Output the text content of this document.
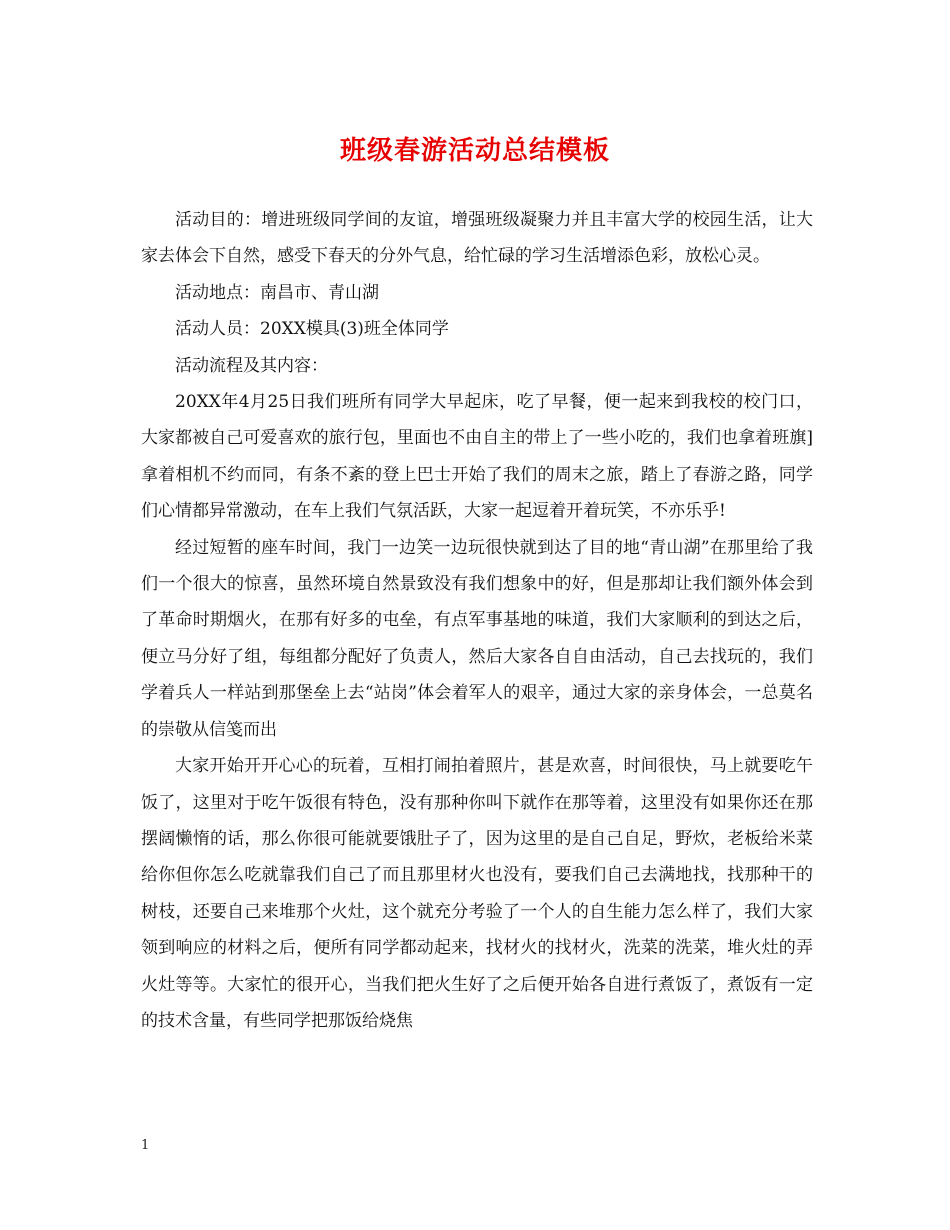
班级春游活动总结模板

活动目的：增进班级同学间的友谊，增强班级凝聚力并且丰富大学的校园生活，让大家去体会下自然，感受下春天的分外气息，给忙碌的学习生活增添色彩，放松心灵。

活动地点：南昌市、青山湖

活动人员：20XX模具(3)班全体同学

活动流程及其内容：

20XX年4月25日我们班所有同学大早起床，吃了早餐，便一起来到我校的校门口，大家都被自己可爱喜欢的旅行包，里面也不由自主的带上了一些小吃的，我们也拿着班旗]拿着相机不约而同，有条不紊的登上巴士开始了我们的周末之旅，踏上了春游之路，同学们心情都异常激动，在车上我们气氛活跃，大家一起逗着开着玩笑，不亦乐乎!

经过短暂的座车时间，我门一边笑一边玩很快就到达了目的地“青山湖”在那里给了我们一个很大的惊喜，虽然环境自然景致没有我们想象中的好，但是那却让我们额外体会到了革命时期烟火，在那有好多的屯垒，有点军事基地的味道，我们大家顺利的到达之后，便立马分好了组，每组都分配好了负责人，然后大家各自自由活动，自己去找玩的，我们学着兵人一样站到那堡垒上去“站岗”体会着军人的艰辛，通过大家的亲身体会，一总莫名的崇敬从信笺而出

大家开始开开心心的玩着，互相打闹拍着照片，甚是欢喜，时间很快，马上就要吃午饭了，这里对于吃午饭很有特色，没有那种你叫下就作在那等着，这里没有如果你还在那摆阔懒惰的话，那么你很可能就要饿肚子了，因为这里的是自己自足，野炊，老板给米菜给你但你怎么吃就靠我们自己了而且那里材火也没有，要我们自己去满地找，找那种干的树枝，还要自己来堆那个火灶，这个就充分考验了一个人的自生能力怎么样了，我们大家领到响应的材料之后，便所有同学都动起来，找材火的找材火，洗菜的洗菜，堆火灶的弄火灶等等。大家忙的很开心，当我们把火生好了之后便开始各自进行煮饭了，煮饭有一定的技术含量，有些同学把那饭给烧焦

1
